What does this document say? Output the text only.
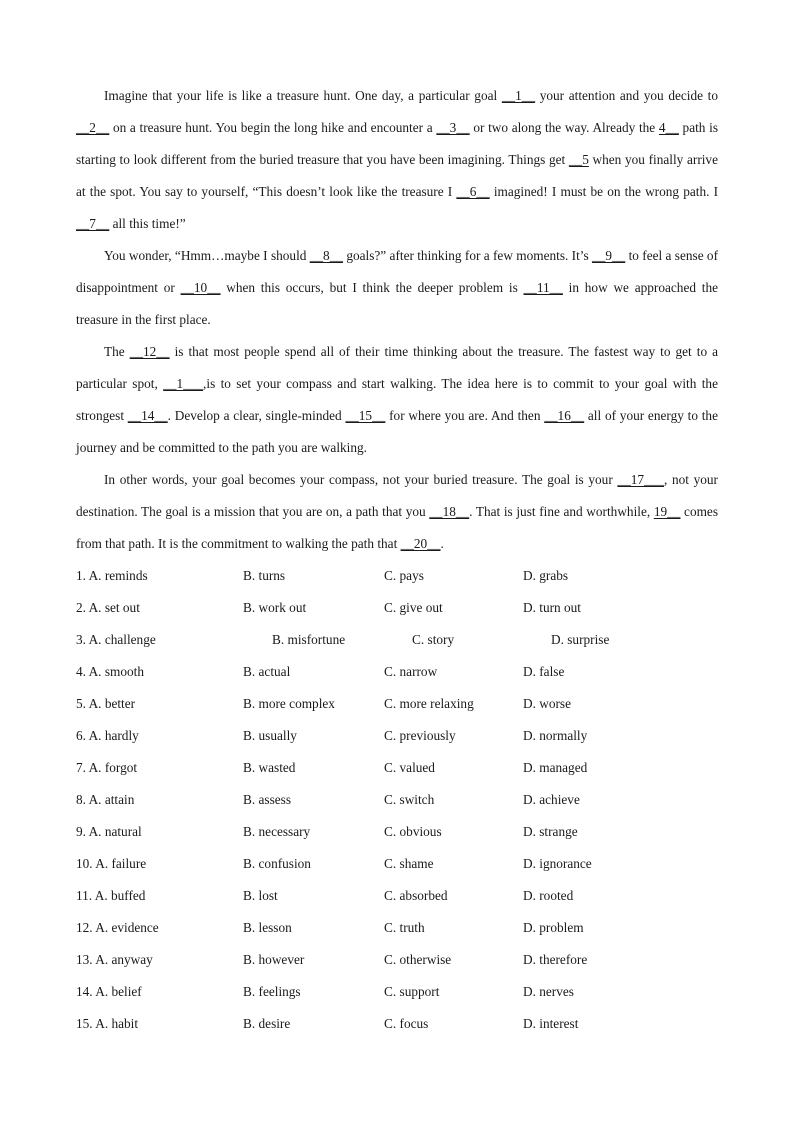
Imagine that your life is like a treasure hunt. One day, a particular goal __1__ your attention and you decide to __2__ on a treasure hunt. You begin the long hike and encounter a __3__ or two along the way. Already the 4__ path is starting to look different from the buried treasure that you have been imagining. Things get __5 when you finally arrive at the spot. You say to yourself, “This doesn’t look like the treasure I __6__ imagined! I must be on the wrong path. I __7__ all this time!”

You wonder, “Hmm…maybe I should __8__ goals?” after thinking for a few moments. It’s __9__ to feel a sense of disappointment or __10__ when this occurs, but I think the deeper problem is __11__ in how we approached the treasure in the first place.

The __12__ is that most people spend all of their time thinking about the treasure. The fastest way to get to a particular spot, __1___,is to set your compass and start walking. The idea here is to commit to your goal with the strongest __14__. Develop a clear, single-minded __15__ for where you are. And then __16__ all of your energy to the journey and be committed to the path you are walking.

In other words, your goal becomes your compass, not your buried treasure. The goal is your __17___, not your destination. The goal is a mission that you are on, a path that you __18__. That is just fine and worthwhile, 19__ comes from that path. It is the commitment to walking the path that __20__.

1. A. reminds	B. turns	C. pays	D. grabs
2. A. set out	B. work out	C. give out	D. turn out
3. A. challenge	B. misfortune	C. story	D. surprise
4. A. smooth	B. actual	C. narrow	D. false
5. A. better	B. more complex	C. more relaxing	D. worse
6. A. hardly	B. usually	C. previously	D. normally
7. A. forgot	B. wasted	C. valued	D. managed
8. A. attain	B. assess	C. switch	D. achieve
9. A. natural	B. necessary	C. obvious	D. strange
10. A. failure	B. confusion	C. shame	D. ignorance
11. A. buffed	B. lost	C. absorbed	D. rooted
12. A. evidence	B. lesson	C. truth	D. problem
13. A. anyway	B. however	C. otherwise	D. therefore
14. A. belief	B. feelings	C. support	D. nerves
15. A. habit	B. desire	C. focus	D. interest
